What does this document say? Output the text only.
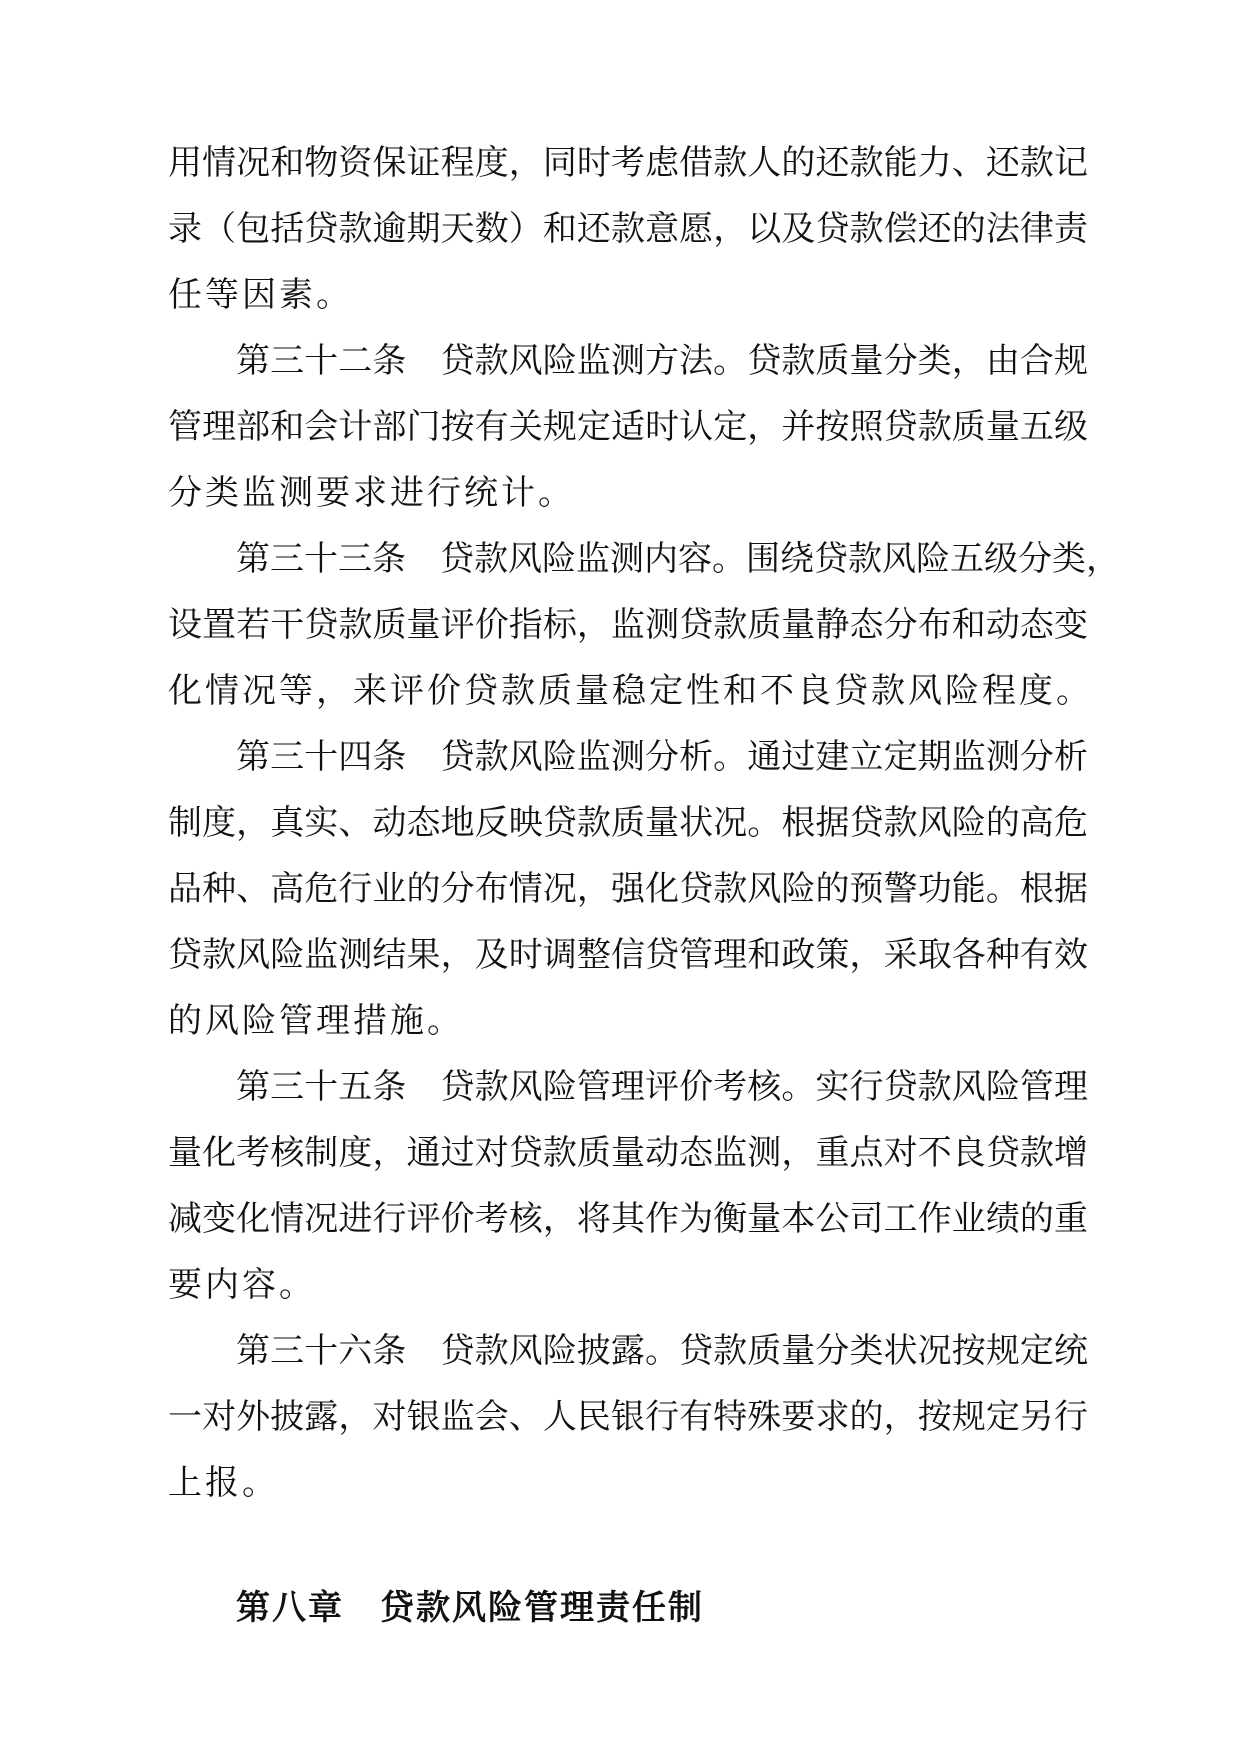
用情况和物资保证程度，同时考虑借款人的还款能力、还款记
录（包括贷款逾期天数）和还款意愿，以及贷款偿还的法律责
任等因素。
第三十二条　贷款风险监测方法。贷款质量分类，由合规
管理部和会计部门按有关规定适时认定，并按照贷款质量五级
分类监测要求进行统计。
第三十三条　贷款风险监测内容。围绕贷款风险五级分类，
设置若干贷款质量评价指标，监测贷款质量静态分布和动态变
化情况等，来评价贷款质量稳定性和不良贷款风险程度。
第三十四条　贷款风险监测分析。通过建立定期监测分析
制度，真实、动态地反映贷款质量状况。根据贷款风险的高危
品种、高危行业的分布情况，强化贷款风险的预警功能。根据
贷款风险监测结果，及时调整信贷管理和政策，采取各种有效
的风险管理措施。
第三十五条　贷款风险管理评价考核。实行贷款风险管理
量化考核制度，通过对贷款质量动态监测，重点对不良贷款增
减变化情况进行评价考核，将其作为衡量本公司工作业绩的重
要内容。
第三十六条　贷款风险披露。贷款质量分类状况按规定统
一对外披露，对银监会、人民银行有特殊要求的，按规定另行
上报。
第八章　贷款风险管理责任制
